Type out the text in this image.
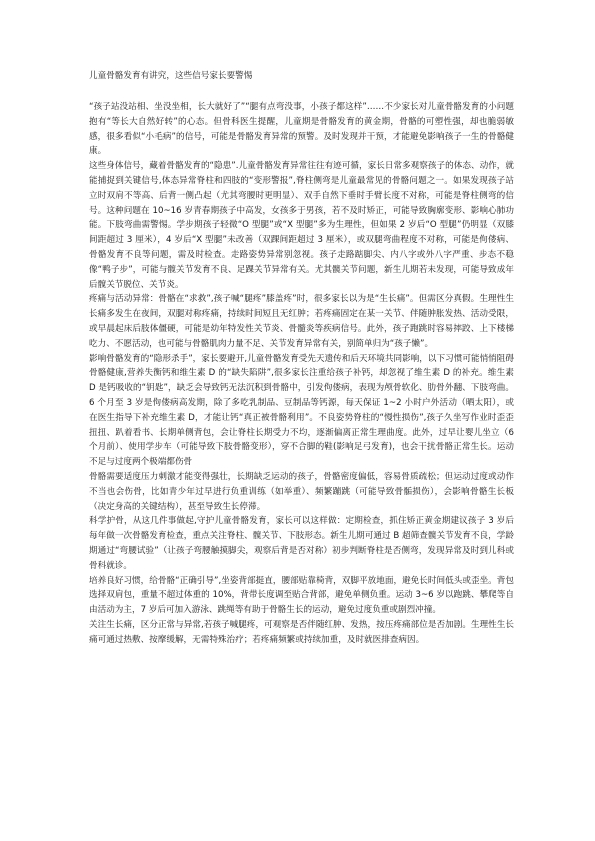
儿童骨骼发育有讲究，这些信号家长要警惕

“孩子站没站相、坐没坐相，长大就好了”“腿有点弯没事，小孩子都这样”……不少家长对儿童骨骼发育的小问题抱有“等长大自然好转”的心态。但骨科医生提醒，儿童期是骨骼发育的黄金期，骨骼的可塑性强，却也脆弱敏感，很多看似“小毛病”的信号，可能是骨骼发育异常的预警。及时发现并干预，才能避免影响孩子一生的骨骼健康。

这些身体信号，藏着骨骼发育的“隐患”.儿童骨骼发育异常往往有迹可循，家长日常多观察孩子的体态、动作，就能捕捉到关键信号,体态异常脊柱和四肢的“变形警报”,脊柱侧弯是儿童最常见的骨骼问题之一。如果发现孩子站立时双肩不等高、后背一侧凸起（尤其弯腰时更明显）、双手自然下垂时手臂长度不对称，可能是脊柱侧弯的信号。这种问题在 10~16 岁青春期孩子中高发，女孩多于男孩，若不及时矫正，可能导致胸廓变形、影响心肺功能。下肢弯曲需警惕。学步期孩子轻微“O 型腿”或“X 型腿”多为生理性，但如果 2 岁后“O 型腿”仍明显（双膝间距超过 3 厘米），4 岁后“X 型腿”未改善（双踝间距超过 3 厘米），或双腿弯曲程度不对称，可能是佝偻病、骨骼发育不良等问题，需及时检查。走路姿势异常别忽视。孩子走路踮脚尖、内八字或外八字严重、步态不稳像“鸭子步”，可能与髋关节发育不良、足踝关节异常有关。尤其髋关节问题，新生儿期若未发现，可能导致成年后髋关节脱位、关节炎。

疼痛与活动异常：骨骼在“求救”,孩子喊“腿疼”膝盖疼”时，很多家长以为是“生长痛”。但需区分真假。生理性生长痛多发生在夜间，双腿对称疼痛，持续时间短且无红肿；若疼痛固定在某一关节、伴随肿胀发热、活动受限，或早晨起床后肢体僵硬，可能是幼年特发性关节炎、骨髓炎等疾病信号。此外，孩子跑跳时容易摔跤、上下楼梯吃力、不愿活动，也可能与骨骼肌肉力量不足、关节发育异常有关，别简单归为“孩子懒”。

影响骨骼发育的“隐形杀手”，家长要避开,儿童骨骼发育受先天遗传和后天环境共同影响，以下习惯可能悄悄阻碍骨骼健康,营养失衡钙和维生素 D 的“缺失陷阱”,很多家长注重给孩子补钙，却忽视了维生素 D 的补充。维生素 D 是钙吸收的“钥匙”，缺乏会导致钙无法沉积到骨骼中，引发佝偻病，表现为颅骨软化、肋骨外翻、下肢弯曲。6 个月至 3 岁是佝偻病高发期，除了多吃乳制品、豆制品等钙源，每天保证 1~2 小时户外活动（晒太阳），或在医生指导下补充维生素 D，才能让钙“真正被骨骼利用”。不良姿势脊柱的“慢性损伤”,孩子久坐写作业时歪歪扭扭、趴着看书、长期单侧背包，会让脊柱长期受力不均，逐渐偏离正常生理曲度。此外，过早让婴儿坐立（6 个月前）、使用学步车（可能导致下肢骨骼变形），穿不合脚的鞋(影响足弓发育)，也会干扰骨骼正常生长。运动不足与过度两个极端都伤骨

骨骼需要适度压力刺激才能变得强壮，长期缺乏运动的孩子，骨骼密度偏低，容易骨质疏松；但运动过度或动作不当也会伤骨，比如青少年过早进行负重训练（如举重）、频繁蹦跳（可能导致骨骺损伤），会影响骨骼生长板（决定身高的关键结构），甚至导致生长停滞。

科学护骨，从这几件事做起,守护儿童骨骼发育，家长可以这样做：定期检查，抓住矫正黄金期建议孩子 3 岁后每年做一次骨骼发育检查，重点关注脊柱、髋关节、下肢形态。新生儿期可通过 B 超筛查髋关节发育不良，学龄期通过“弯腰试验”（让孩子弯腰触摸脚尖，观察后背是否对称）初步判断脊柱是否侧弯，发现异常及时到儿科或骨科就诊。

培养良好习惯，给骨骼“正确引导”,坐姿背部挺直，腰部贴靠椅背，双脚平放地面，避免长时间低头或歪坐。背包选择双肩包，重量不超过体重的 10%，背带长度调至贴合背部，避免单侧负重。运动 3~6 岁以跑跳、攀爬等自由活动为主，7 岁后可加入游泳、跳绳等有助于骨骼生长的运动，避免过度负重或剧烈冲撞。

关注生长痛，区分正常与异常,若孩子喊腿疼，可观察是否伴随红肿、发热，按压疼痛部位是否加剧。生理性生长痛可通过热敷、按摩缓解，无需特殊治疗；若疼痛频繁或持续加重，及时就医排查病因。
